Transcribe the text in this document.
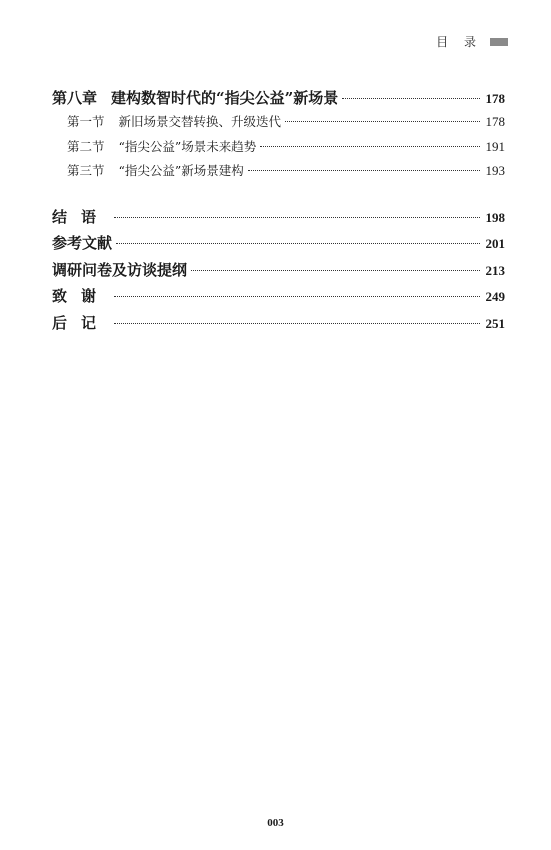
目 录
第八章 建构数智时代的“指尖公益”新场景	178
第一节 新旧场景交替转换、升级迭代	178
第二节 “指尖公益”场景未来趋势	191
第三节 “指尖公益”新场景建构	193
结语	198
参考文献	201
调研问卷及访谈提纲	213
致谢	249
后记	251
003
